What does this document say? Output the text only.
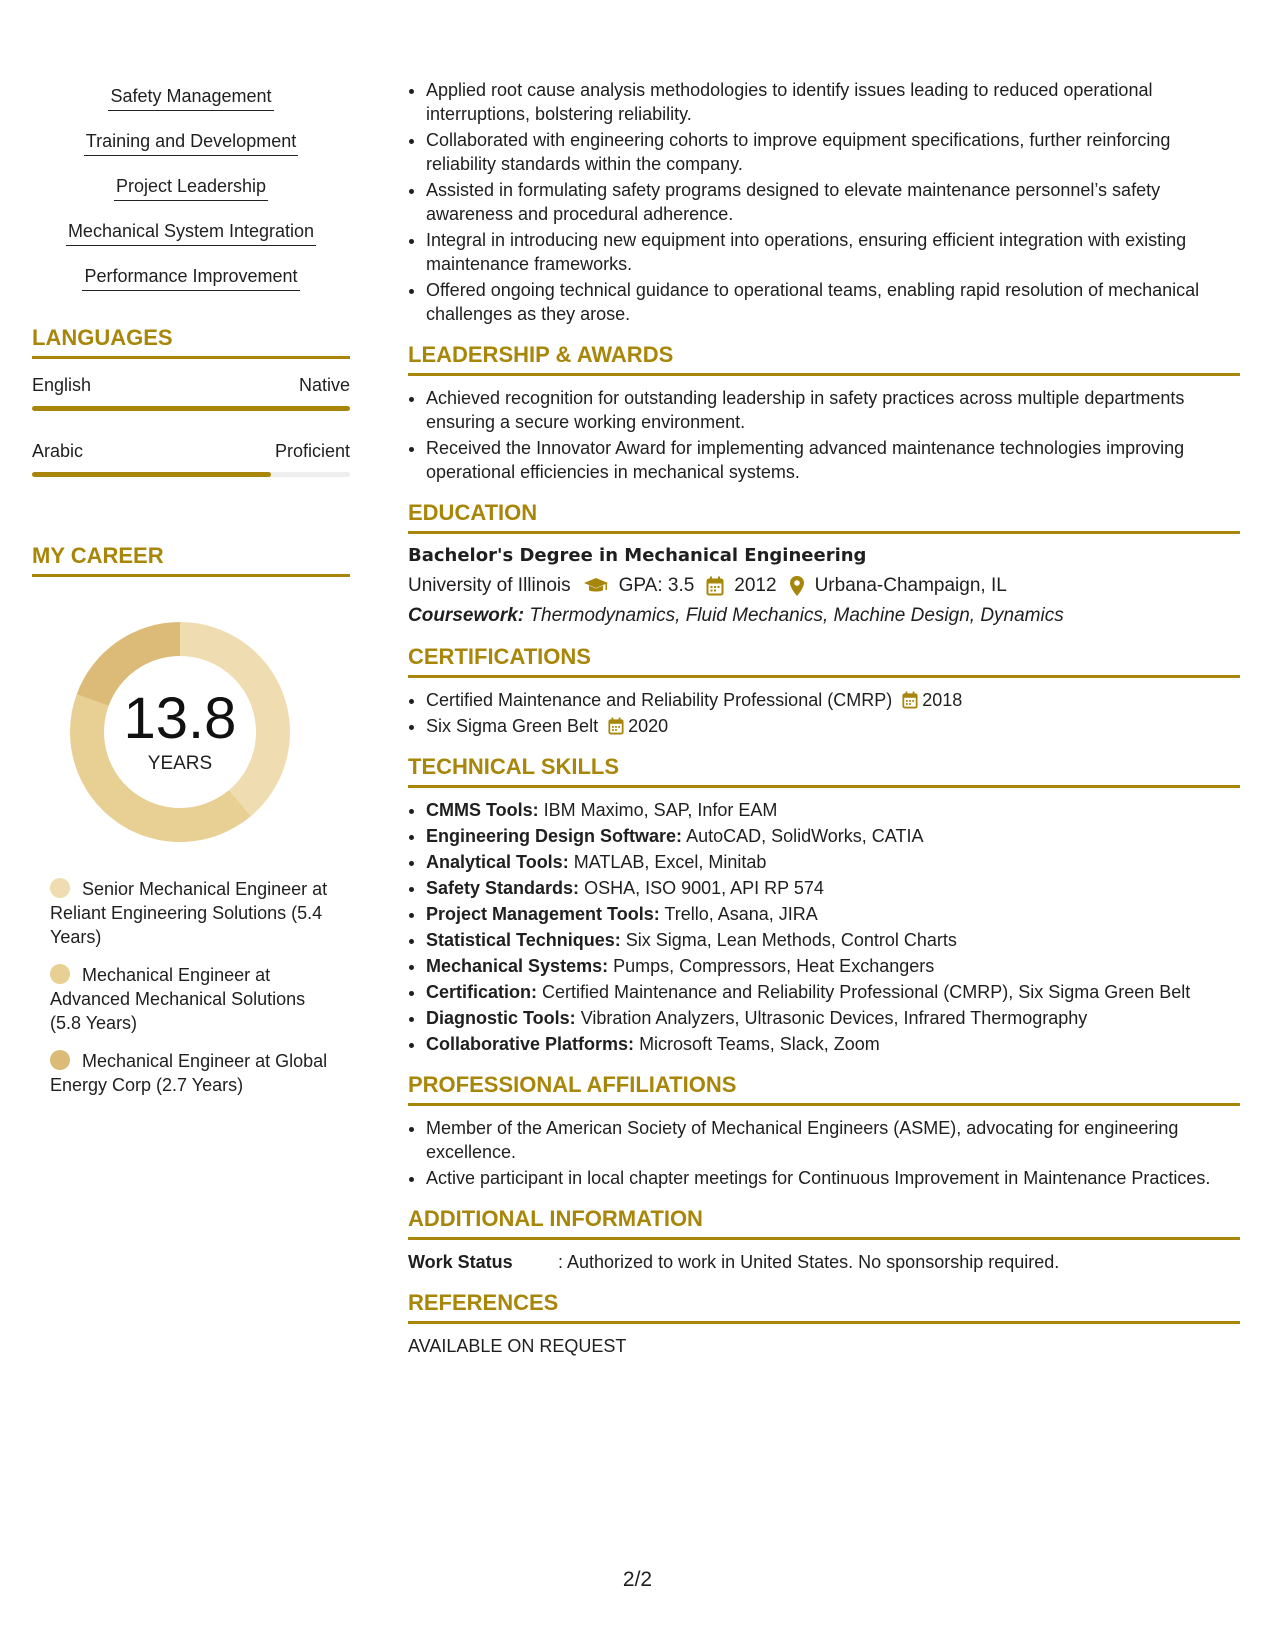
Safety Management
Training and Development
Project Leadership
Mechanical System Integration
Performance Improvement
LANGUAGES
English	Native
Arabic	Proficient
MY CAREER
13.8
YEARS
Senior Mechanical Engineer at Reliant Engineering Solutions (5.4 Years)
Mechanical Engineer at Advanced Mechanical Solutions (5.8 Years)
Mechanical Engineer at Global Energy Corp (2.7 Years)
• Applied root cause analysis methodologies to identify issues leading to reduced operational interruptions, bolstering reliability.
• Collaborated with engineering cohorts to improve equipment specifications, further reinforcing reliability standards within the company.
• Assisted in formulating safety programs designed to elevate maintenance personnel’s safety awareness and procedural adherence.
• Integral in introducing new equipment into operations, ensuring efficient integration with existing maintenance frameworks.
• Offered ongoing technical guidance to operational teams, enabling rapid resolution of mechanical challenges as they arose.
LEADERSHIP & AWARDS
• Achieved recognition for outstanding leadership in safety practices across multiple departments ensuring a secure working environment.
• Received the Innovator Award for implementing advanced maintenance technologies improving operational efficiencies in mechanical systems.
EDUCATION
Bachelor's Degree in Mechanical Engineering
University of Illinois	GPA: 3.5 2012 Urbana-Champaign, IL
Coursework: Thermodynamics, Fluid Mechanics, Machine Design, Dynamics
CERTIFICATIONS
• Certified Maintenance and Reliability Professional (CMRP) 2018
• Six Sigma Green Belt 2020
TECHNICAL SKILLS
• CMMS Tools: IBM Maximo, SAP, Infor EAM
• Engineering Design Software: AutoCAD, SolidWorks, CATIA
• Analytical Tools: MATLAB, Excel, Minitab
• Safety Standards: OSHA, ISO 9001, API RP 574
• Project Management Tools: Trello, Asana, JIRA
• Statistical Techniques: Six Sigma, Lean Methods, Control Charts
• Mechanical Systems: Pumps, Compressors, Heat Exchangers
• Certification: Certified Maintenance and Reliability Professional (CMRP), Six Sigma Green Belt
• Diagnostic Tools: Vibration Analyzers, Ultrasonic Devices, Infrared Thermography
• Collaborative Platforms: Microsoft Teams, Slack, Zoom
PROFESSIONAL AFFILIATIONS
• Member of the American Society of Mechanical Engineers (ASME), advocating for engineering excellence.
• Active participant in local chapter meetings for Continuous Improvement in Maintenance Practices.
ADDITIONAL INFORMATION
Work Status	: Authorized to work in United States. No sponsorship required.
REFERENCES
AVAILABLE ON REQUEST
2/2
